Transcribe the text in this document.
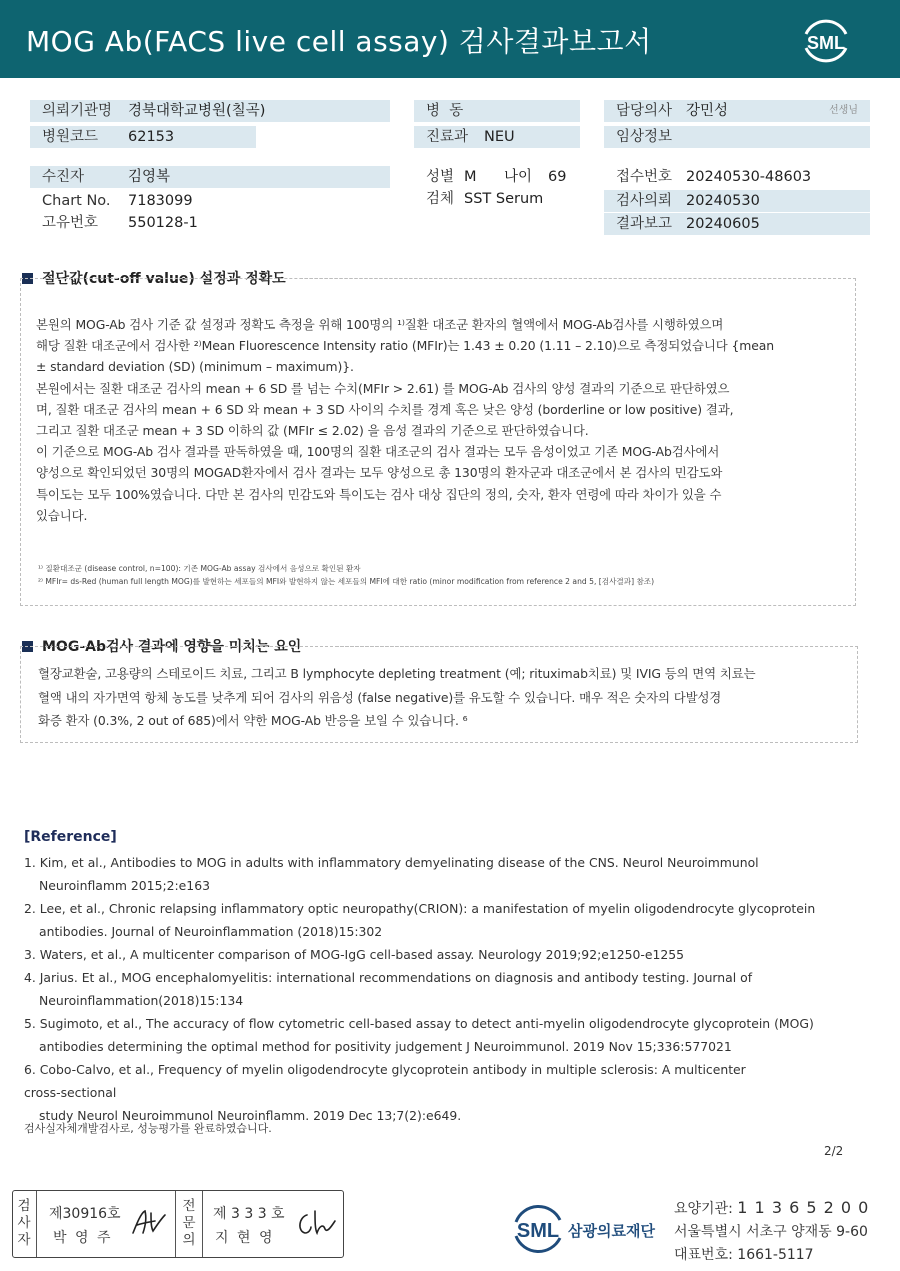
MOG Ab(FACS live cell assay) 검사결과보고서	SML
의뢰기관명 경북대학교병원(칠곡)
병원코드 62153
병  동
진료과 NEU
담당의사 강민성	선생님
임상정보
수진자	김영복
Chart No. 7183099
고유번호 550128-1
성별 M 나이 69
검체 SST Serum
접수번호 20240530-48603
검사의뢰 20240530
결과보고 20240605
절단값(cut-off value) 설정과 정확도

본원의 MOG-Ab 검사 기준 값 설정과 정확도 측정을 위해 100명의 ¹⁾질환 대조군 환자의 혈액에서 MOG-Ab검사를 시행하였으며

해당 질환 대조군에서 검사한 ²⁾Mean Fluorescence Intensity ratio (MFIr)는 1.43 ± 0.20 (1.11 – 2.10)으로 측정되었습니다 {mean

± standard deviation (SD) (minimum – maximum)}.

본원에서는 질환 대조군 검사의 mean + 6 SD 를 넘는 수치(MFIr > 2.61) 를 MOG-Ab 검사의 양성 결과의 기준으로 판단하였으

며, 질환 대조군 검사의 mean + 6 SD 와 mean + 3 SD 사이의 수치를 경계 혹은 낮은 양성 (borderline or low positive) 결과,

그리고 질환 대조군 mean + 3 SD 이하의 값 (MFIr ≤ 2.02) 을 음성 결과의 기준으로 판단하였습니다.

이 기준으로 MOG-Ab 검사 결과를 판독하였을 때, 100명의 질환 대조군의 검사 결과는 모두 음성이었고 기존 MOG-Ab검사에서

양성으로 확인되었던 30명의 MOGAD환자에서 검사 결과는 모두 양성으로 총 130명의 환자군과 대조군에서 본 검사의 민감도와

특이도는 모두 100%였습니다. 다만 본 검사의 민감도와 특이도는 검사 대상 집단의 정의, 숫자, 환자 연령에 따라 차이가 있을 수

있습니다.

¹⁾ 질환대조군 (disease control, n=100): 기존 MOG-Ab assay 검사에서 음성으로 확인된 환자
²⁾ MFIr= ds-Red (human full length MOG)를 발현하는 세포들의 MFI와 발현하지 않는 세포들의 MFI에 대한 ratio (minor modification from reference 2 and 5, [검사결과] 참조)
MOG-Ab검사 결과에 영향을 미치는 요인

혈장교환술, 고용량의 스테로이드 치료, 그리고 B lymphocyte depleting treatment (예; rituximab치료) 및 IVIG 등의 면역 치료는

혈액 내의 자가면역 항체 농도를 낮추게 되어 검사의 위음성 (false negative)를 유도할 수 있습니다. 매우 적은 숫자의 다발성경

화증 환자 (0.3%, 2 out of 685)에서 약한 MOG-Ab 반응을 보일 수 있습니다. ⁶

[Reference]
1. Kim, et al., Antibodies to MOG in adults with inflammatory demyelinating disease of the CNS. Neurol Neuroimmunol
Neuroinflamm 2015;2:e163
2. Lee, et al., Chronic relapsing inflammatory optic neuropathy(CRION): a manifestation of myelin oligodendrocyte glycoprotein
antibodies. Journal of Neuroinflammation (2018)15:302
3. Waters, et al., A multicenter comparison of MOG-IgG cell-based assay. Neurology 2019;92;e1250-e1255
4. Jarius. Et al., MOG encephalomyelitis: international recommendations on diagnosis and antibody testing. Journal of
Neuroinflammation(2018)15:134
5. Sugimoto, et al., The accuracy of flow cytometric cell-based assay to detect anti-myelin oligodendrocyte glycoprotein (MOG)
antibodies determining the optimal method for positivity judgement J Neuroimmunol. 2019 Nov 15;336:577021
6. Cobo-Calvo, et al., Frequency of myelin oligodendrocyte glycoprotein antibody in multiple sclerosis: A multicenter
cross-sectional
study Neurol Neuroimmunol Neuroinflamm. 2019 Dec 13;7(2):e649.
검사실자체개발검사로, 성능평가를 완료하였습니다.
2/2
검
사
자
제30916호
박 영 주
전
문
의
제 3 3 3 호
지 현 영	SML 삼광의료재단
요양기관: 1 1 3 6 5 2 0 0
서울특별시 서초구 양재동 9-60
대표번호: 1661-5117
